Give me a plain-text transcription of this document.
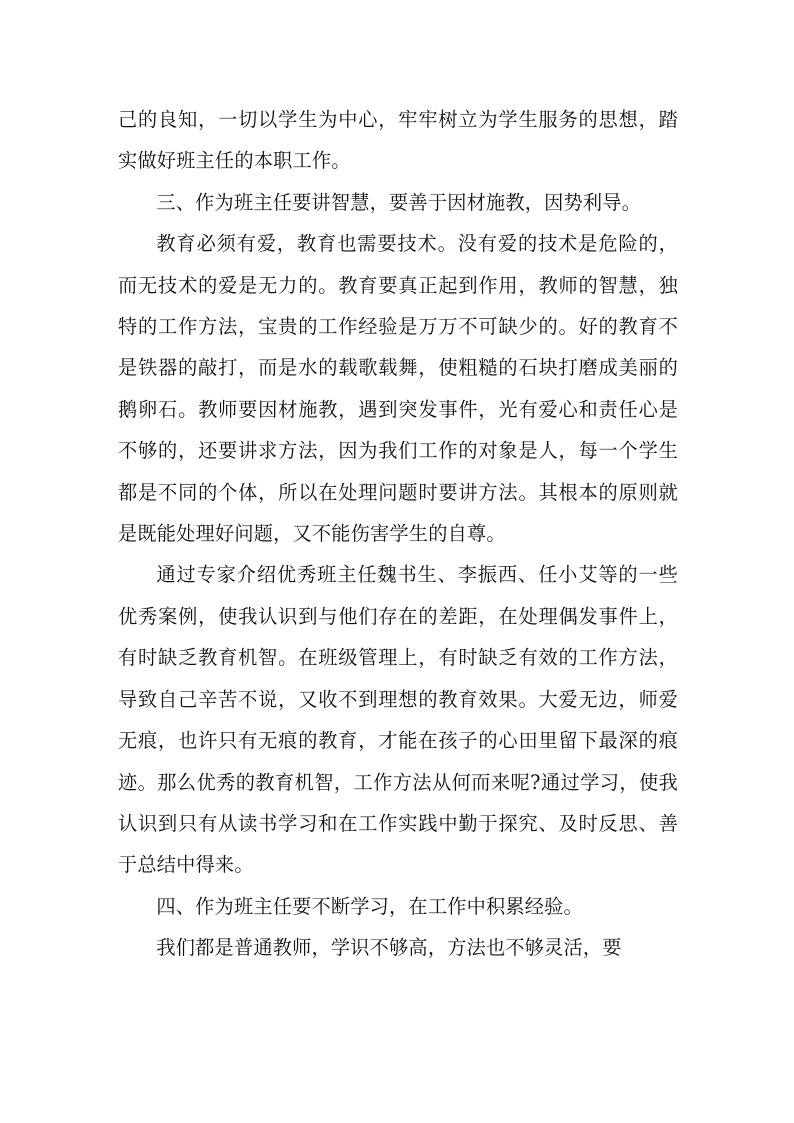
己的良知，一切以学生为中心，牢牢树立为学生服务的思想，踏实做好班主任的本职工作。

三、作为班主任要讲智慧，要善于因材施教，因势利导。

教育必须有爱，教育也需要技术。没有爱的技术是危险的，而无技术的爱是无力的。教育要真正起到作用，教师的智慧，独特的工作方法，宝贵的工作经验是万万不可缺少的。好的教育不是铁器的敲打，而是水的载歌载舞，使粗糙的石块打磨成美丽的鹅卵石。教师要因材施教，遇到突发事件，光有爱心和责任心是不够的，还要讲求方法，因为我们工作的对象是人，每一个学生都是不同的个体，所以在处理问题时要讲方法。其根本的原则就是既能处理好问题，又不能伤害学生的自尊。

通过专家介绍优秀班主任魏书生、李振西、任小艾等的一些优秀案例，使我认识到与他们存在的差距，在处理偶发事件上，有时缺乏教育机智。在班级管理上，有时缺乏有效的工作方法，导致自己辛苦不说，又收不到理想的教育效果。大爱无边，师爱无痕，也许只有无痕的教育，才能在孩子的心田里留下最深的痕迹。那么优秀的教育机智，工作方法从何而来呢?通过学习，使我认识到只有从读书学习和在工作实践中勤于探究、及时反思、善于总结中得来。

四、作为班主任要不断学习，在工作中积累经验。

我们都是普通教师，学识不够高，方法也不够灵活，要
